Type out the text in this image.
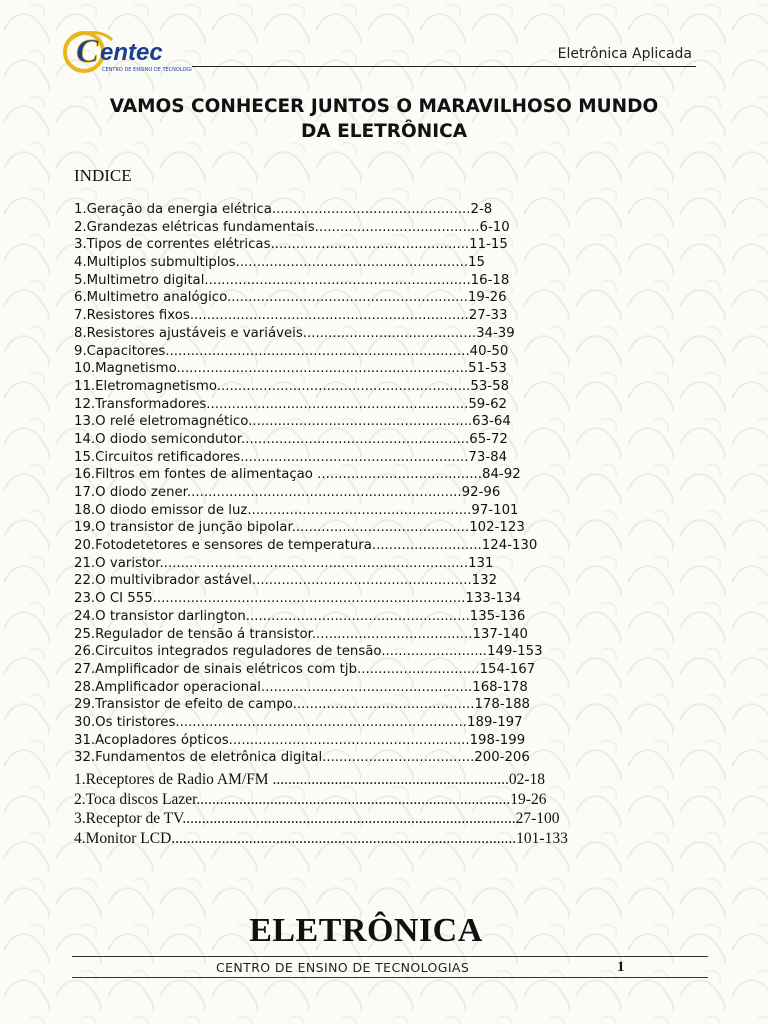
C entec
CENTRO DE ENSINO DE TECNOLOGIAS
Eletrônica Aplicada
VAMOS CONHECER JUNTOS O MARAVILHOSO MUNDO
DA ELETRÔNICA
INDICE
1.Geração da energia elétrica...............................................2-8
2.Grandezas elétricas fundamentais.......................................6-10
3.Tipos de correntes elétricas...............................................11-15
4.Multiplos submultiplos.......................................................15
5.Multimetro digital...............................................................16-18
6.Multimetro analógico.........................................................19-26
7.Resistores fixos..................................................................27-33
8.Resistores ajustáveis e variáveis.........................................34-39
9.Capacitores........................................................................40-50
10.Magnetismo.....................................................................51-53
11.Eletromagnetismo............................................................53-58
12.Transformadores..............................................................59-62
13.O relé eletromagnético.....................................................63-64
14.O diodo semicondutor......................................................65-72
15.Circuitos retificadores......................................................73-84
16.Filtros em fontes de alimentaçao .......................................84-92
17.O diodo zener.................................................................92-96
18.O diodo emissor de luz.....................................................97-101
19.O transistor de junção bipolar..........................................102-123
20.Fotodetetores e sensores de temperatura..........................124-130
21.O varistor.........................................................................131
22.O multivibrador astável....................................................132
23.O CI 555..........................................................................133-134
24.O transistor darlington.....................................................135-136
25.Regulador de tensão á transistor......................................137-140
26.Circuitos integrados reguladores de tensão.........................149-153
27.Amplificador de sinais elétricos com tjb.............................154-167
28.Amplificador operacional..................................................168-178
29.Transistor de efeito de campo...........................................178-188
30.Os tiristores.....................................................................189-197
31.Acopladores ópticos.........................................................198-199
32.Fundamentos de eletrônica digital....................................200-206
1.Receptores de Radio AM/FM .............................................................02-18
2.Toca discos Lazer.................................................................................19-26
3.Receptor de TV......................................................................................27-100
4.Monitor LCD.........................................................................................101-133
ELETRÔNICA
CENTRO DE ENSINO DE TECNOLOGIAS	1
